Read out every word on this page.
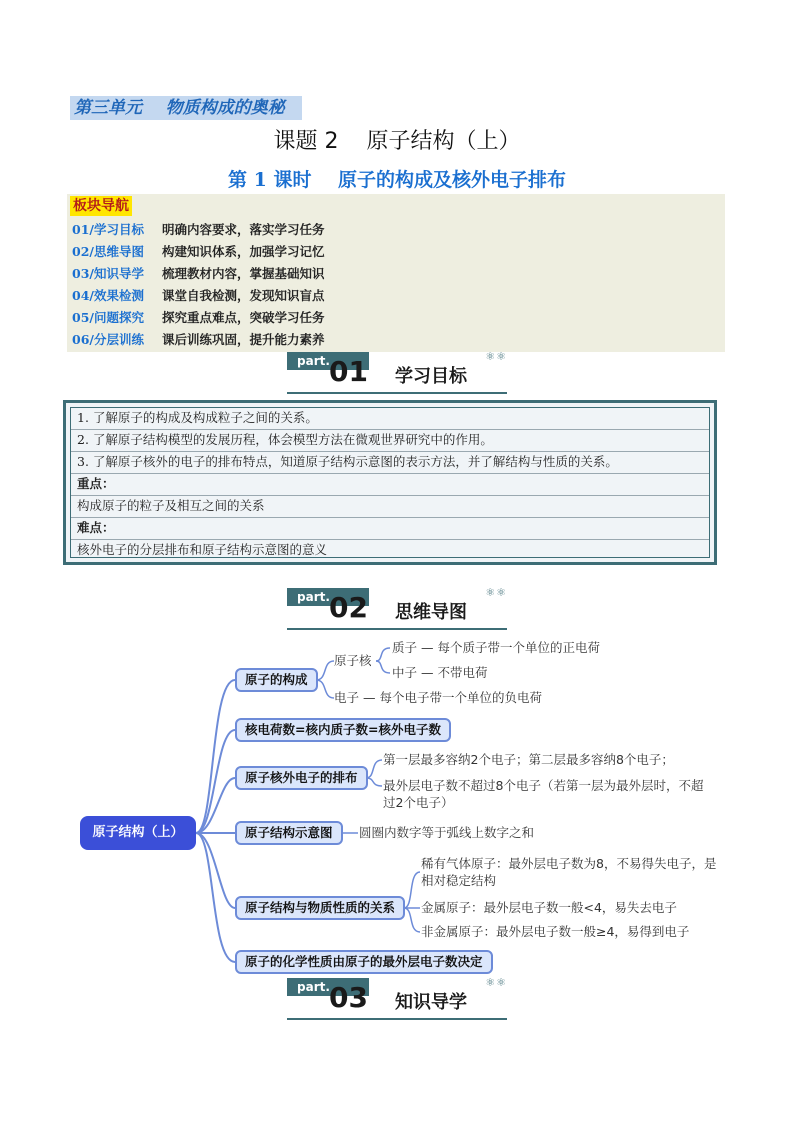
第三单元    物质构成的奥秘
课题 2    原子结构（上）
第 1 课时    原子的构成及核外电子排布
板块导航
01/学习目标 明确内容要求，落实学习任务
02/思维导图 构建知识体系，加强学习记忆
03/知识导学 梳理教材内容，掌握基础知识
04/效果检测 课堂自我检测，发现知识盲点
05/问题探究 探究重点难点，突破学习任务
06/分层训练 课后训练巩固，提升能力素养
part. 01 学习目标
⚛⚛
1. 了解原子的构成及构成粒子之间的关系。
2. 了解原子结构模型的发展历程，体会模型方法在微观世界研究中的作用。
3. 了解原子核外的电子的排布特点，知道原子结构示意图的表示方法，并了解结构与性质的关系。
重点：
构成原子的粒子及相互之间的关系
难点：
核外电子的分层排布和原子结构示意图的意义
part. 02 思维导图
⚛⚛
原子结构（上）
原子的构成
核电荷数=核内质子数=核外电子数
原子核外电子的排布
原子结构示意图
原子结构与物质性质的关系
原子的化学性质由原子的最外层电子数决定
原子核
质子 — 每个质子带一个单位的正电荷
中子 — 不带电荷
电子 — 每个电子带一个单位的负电荷
第一层最多容纳2个电子；第二层最多容纳8个电子；
最外层电子数不超过8个电子（若第一层为最外层时，不超
过2个电子）
圆圈内数字等于弧线上数字之和
稀有气体原子：最外层电子数为8，不易得失电子，是
相对稳定结构
金属原子：最外层电子数一般<4，易失去电子
非金属原子：最外层电子数一般≥4，易得到电子
part. 03 知识导学
⚛⚛
